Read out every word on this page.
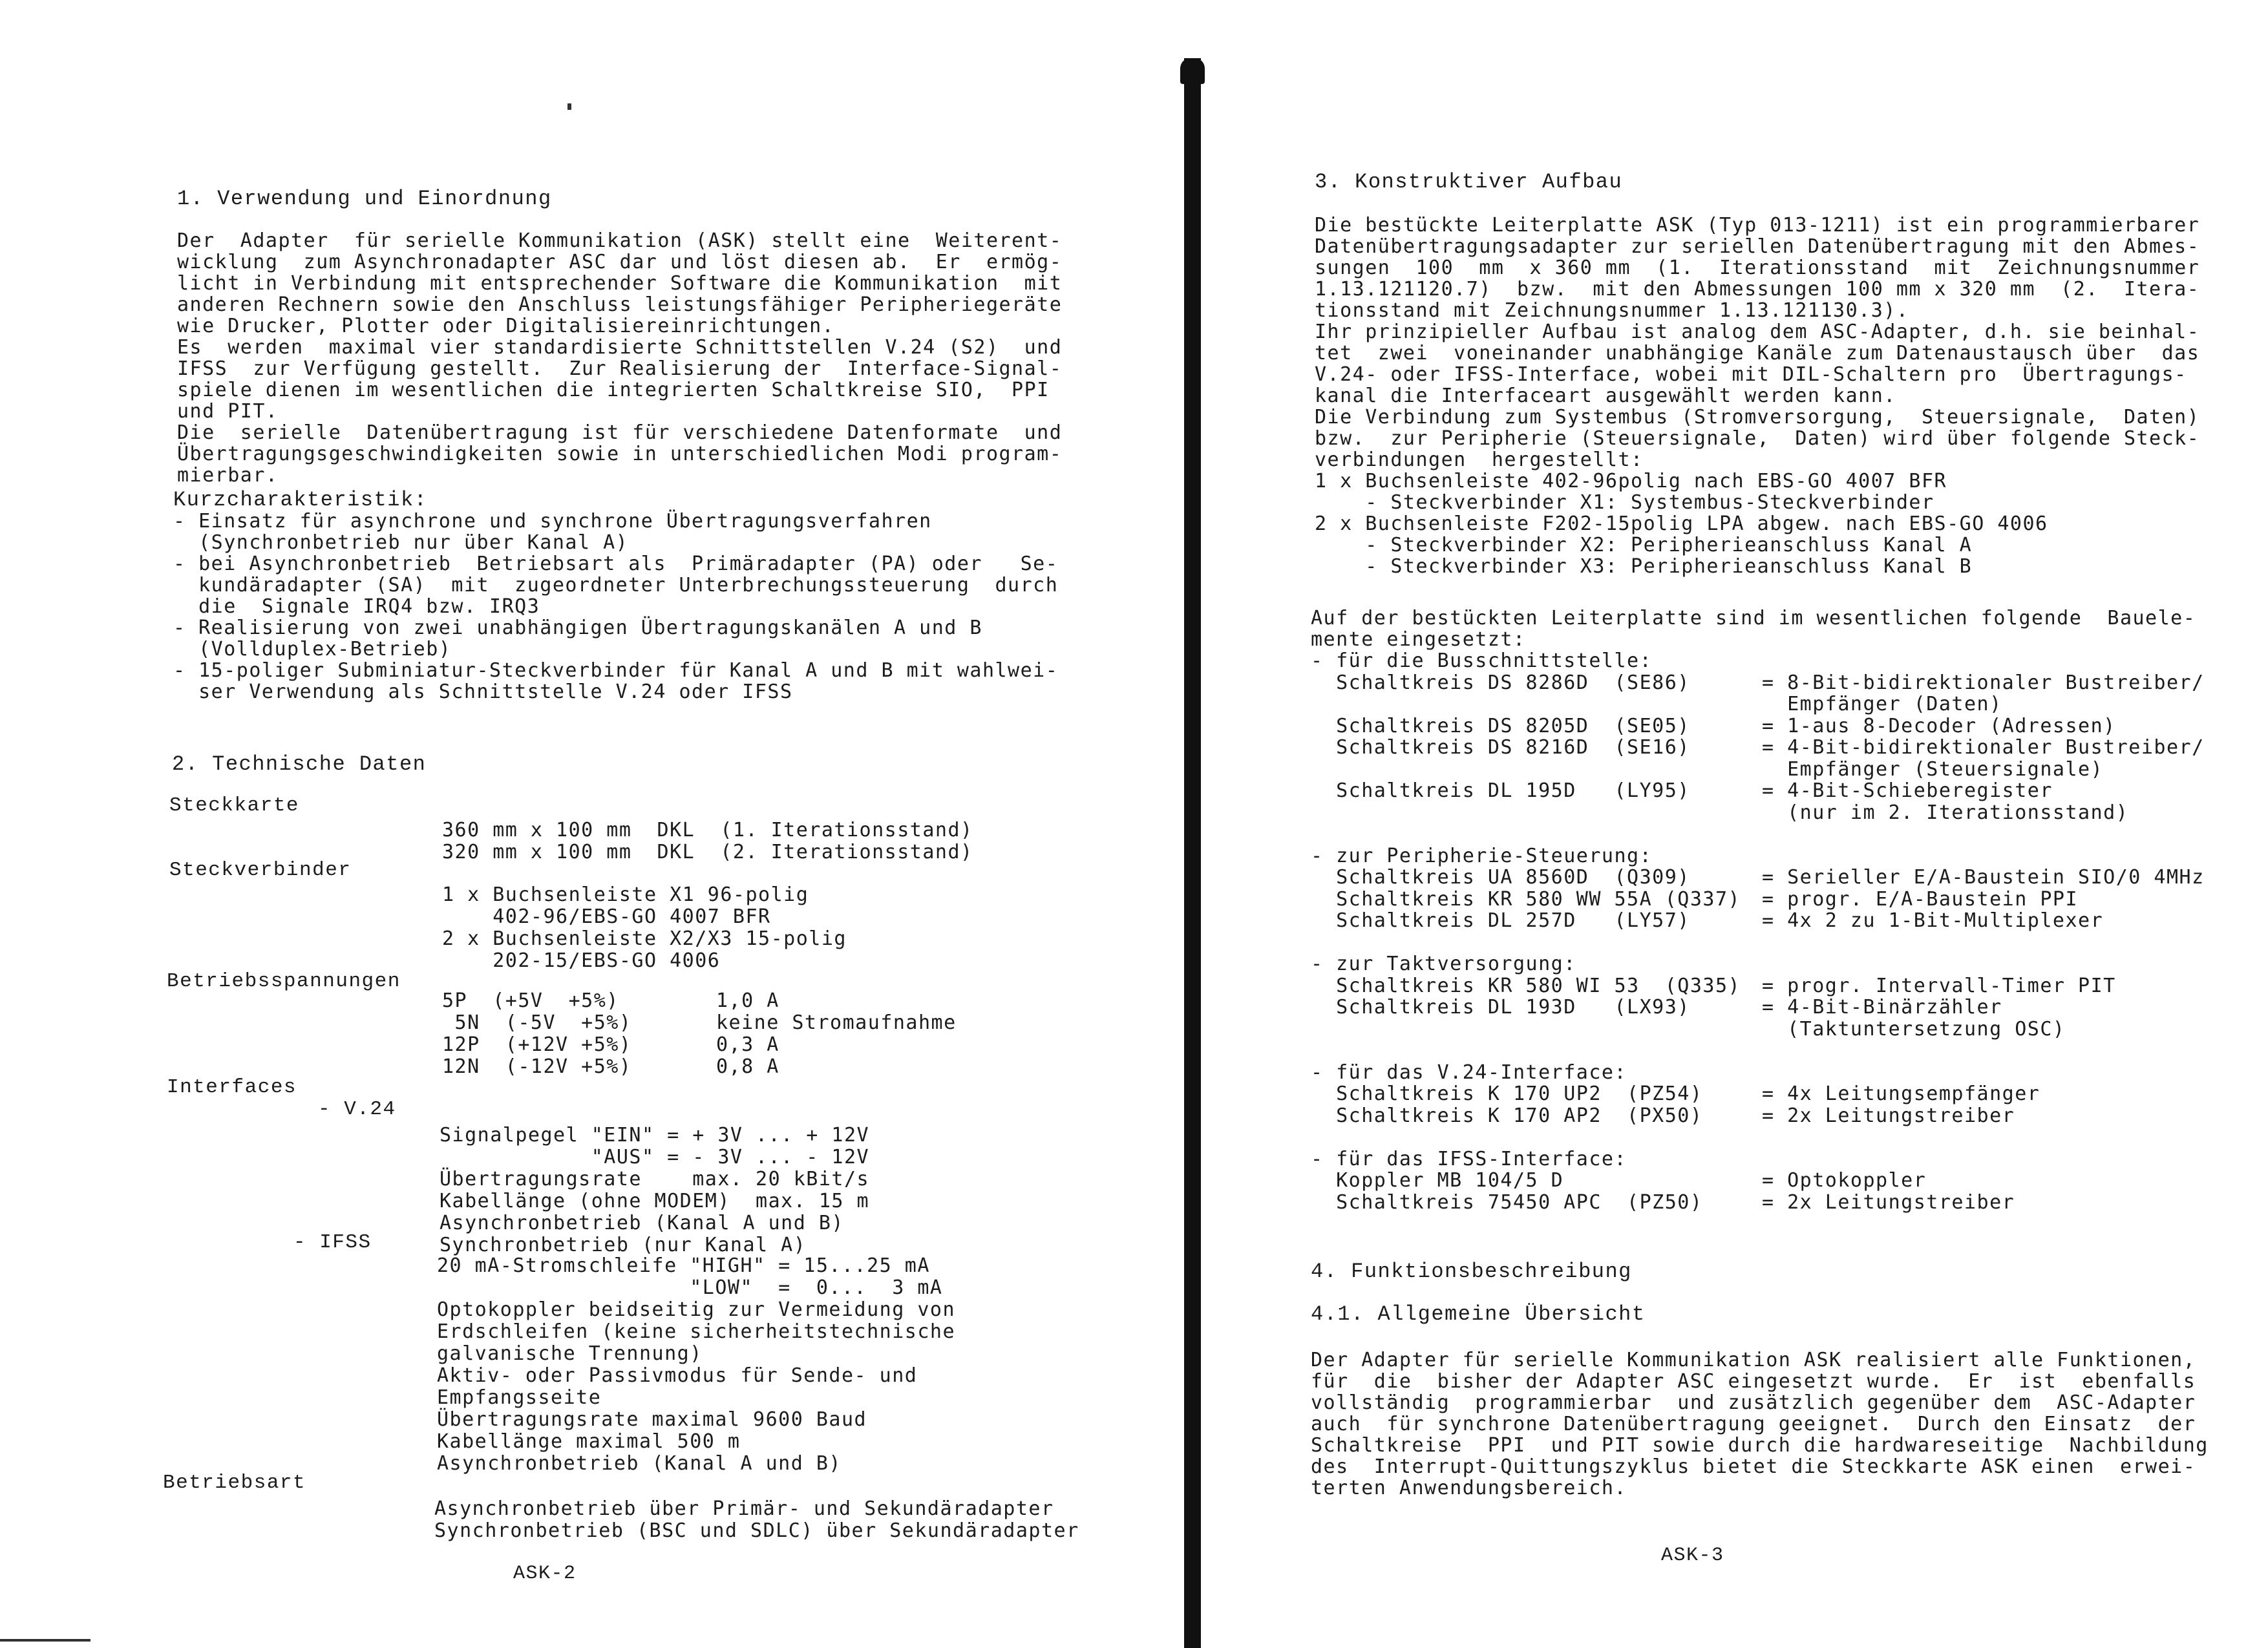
1. Verwendung und Einordnung
Der  Adapter  für serielle Kommunikation (ASK) stellt eine  Weiterent-
wicklung  zum Asynchronadapter ASC dar und löst diesen ab.  Er  ermög-
licht in Verbindung mit entsprechender Software die Kommunikation  mit
anderen Rechnern sowie den Anschluss leistungsfähiger Peripheriegeräte
wie Drucker, Plotter oder Digitalisiereinrichtungen.
Es  werden  maximal vier standardisierte Schnittstellen V.24 (S2)  und
IFSS  zur Verfügung gestellt.  Zur Realisierung der  Interface-Signal-
spiele dienen im wesentlichen die integrierten Schaltkreise SIO,  PPI
und PIT.
Die  serielle  Datenübertragung ist für verschiedene Datenformate  und
Übertragungsgeschwindigkeiten sowie in unterschiedlichen Modi program-
mierbar.
Kurzcharakteristik:
- Einsatz für asynchrone und synchrone Übertragungsverfahren
(Synchronbetrieb nur über Kanal A)
- bei Asynchronbetrieb  Betriebsart als  Primäradapter (PA) oder   Se-
kundäradapter (SA)  mit  zugeordneter Unterbrechungssteuerung  durch
die  Signale IRQ4 bzw. IRQ3
- Realisierung von zwei unabhängigen Übertragungskanälen A und B
(Vollduplex-Betrieb)
- 15-poliger Subminiatur-Steckverbinder für Kanal A und B mit wahlwei-
ser Verwendung als Schnittstelle V.24 oder IFSS
2. Technische Daten
Steckkarte
360 mm x 100 mm  DKL  (1. Iterationsstand)
320 mm x 100 mm  DKL  (2. Iterationsstand)
Steckverbinder
1 x Buchsenleiste X1 96-polig
402-96/EBS-GO 4007 BFR
2 x Buchsenleiste X2/X3 15-polig
202-15/EBS-GO 4006
Betriebsspannungen
5P  (+5V  +5%)
5N  (-5V  +5%)
12P  (+12V +5%)
12N  (-12V +5%)
1,0 A
keine Stromaufnahme
0,3 A
0,8 A
Interfaces
- V.24
Signalpegel "EIN" = + 3V ... + 12V
"AUS" = - 3V ... - 12V
Übertragungsrate    max. 20 kBit/s
Kabellänge (ohne MODEM)  max. 15 m
Asynchronbetrieb (Kanal A und B)
Synchronbetrieb (nur Kanal A)
- IFSS
20 mA-Stromschleife "HIGH" = 15...25 mA
"LOW"  =  0...  3 mA
Optokoppler beidseitig zur Vermeidung von
Erdschleifen (keine sicherheitstechnische
galvanische Trennung)
Aktiv- oder Passivmodus für Sende- und
Empfangsseite
Übertragungsrate maximal 9600 Baud
Kabellänge maximal 500 m
Asynchronbetrieb (Kanal A und B)
Betriebsart
Asynchronbetrieb über Primär- und Sekundäradapter
Synchronbetrieb (BSC und SDLC) über Sekundäradapter
ASK-2
3. Konstruktiver Aufbau
Die bestückte Leiterplatte ASK (Typ 013-1211) ist ein programmierbarer
Datenübertragungsadapter zur seriellen Datenübertragung mit den Abmes-
sungen  100  mm  x 360 mm  (1.  Iterationsstand  mit  Zeichnungsnummer
1.13.121120.7)  bzw.  mit den Abmessungen 100 mm x 320 mm  (2.  Itera-
tionsstand mit Zeichnungsnummer 1.13.121130.3).
Ihr prinzipieller Aufbau ist analog dem ASC-Adapter, d.h. sie beinhal-
tet  zwei  voneinander unabhängige Kanäle zum Datenaustausch über  das
V.24- oder IFSS-Interface, wobei mit DIL-Schaltern pro  Übertragungs-
kanal die Interfaceart ausgewählt werden kann.
Die Verbindung zum Systembus (Stromversorgung,  Steuersignale,  Daten)
bzw.  zur Peripherie (Steuersignale,  Daten) wird über folgende Steck-
verbindungen  hergestellt:
1 x Buchsenleiste 402-96polig nach EBS-GO 4007 BFR
- Steckverbinder X1: Systembus-Steckverbinder
2 x Buchsenleiste F202-15polig LPA abgew. nach EBS-GO 4006
- Steckverbinder X2: Peripherieanschluss Kanal A
- Steckverbinder X3: Peripherieanschluss Kanal B
Auf der bestückten Leiterplatte sind im wesentlichen folgende  Bauele-
mente eingesetzt:
- für die Busschnittstelle:
Schaltkreis DS 8286D  (SE86)

Schaltkreis DS 8205D  (SE05)
Schaltkreis DS 8216D  (SE16)

Schaltkreis DL 195D   (LY95)

- zur Peripherie-Steuerung:
Schaltkreis UA 8560D  (Q309)
Schaltkreis KR 580 WW 55A (Q337)
Schaltkreis DL 257D   (LY57)

- zur Taktversorgung:
Schaltkreis KR 580 WI 53  (Q335)
Schaltkreis DL 193D   (LX93)

- für das V.24-Interface:
Schaltkreis K 170 UP2  (PZ54)
Schaltkreis K 170 AP2  (PX50)

- für das IFSS-Interface:
Koppler MB 104/5 D
Schaltkreis 75450 APC  (PZ50)

= 8-Bit-bidirektionaler Bustreiber/
Empfänger (Daten)
= 1-aus 8-Decoder (Adressen)
= 4-Bit-bidirektionaler Bustreiber/
Empfänger (Steuersignale)
= 4-Bit-Schieberegister
(nur im 2. Iterationsstand)

= Serieller E/A-Baustein SIO/0 4MHz
= progr. E/A-Baustein PPI
= 4x 2 zu 1-Bit-Multiplexer

= progr. Intervall-Timer PIT
= 4-Bit-Binärzähler
(Taktuntersetzung OSC)

= 4x Leitungsempfänger
= 2x Leitungstreiber

= Optokoppler
= 2x Leitungstreiber
4. Funktionsbeschreibung
4.1. Allgemeine Übersicht
Der Adapter für serielle Kommunikation ASK realisiert alle Funktionen,
für  die  bisher der Adapter ASC eingesetzt wurde.  Er  ist  ebenfalls
vollständig  programmierbar  und zusätzlich gegenüber dem  ASC-Adapter
auch  für synchrone Datenübertragung geeignet.  Durch den Einsatz  der
Schaltkreise  PPI  und PIT sowie durch die hardwareseitige  Nachbildung
des  Interrupt-Quittungszyklus bietet die Steckkarte ASK einen  erwei-
terten Anwendungsbereich.
ASK-3
